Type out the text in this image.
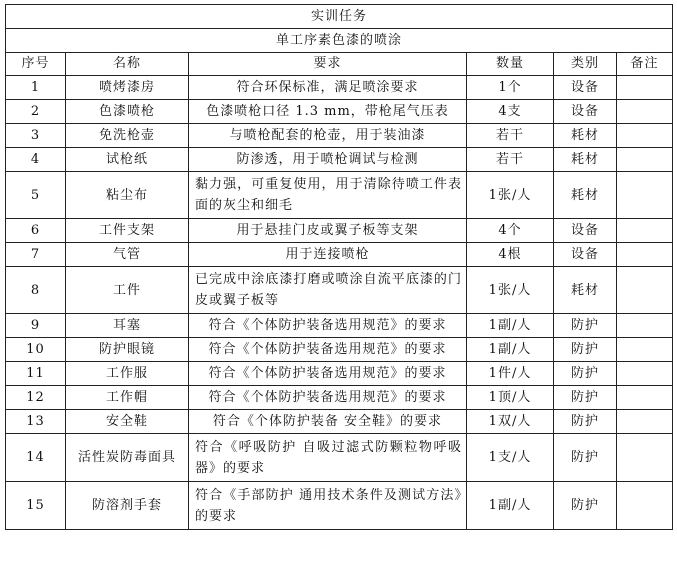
实训任务					
单工序素色漆的喷涂					
序号	名称	要求	数量	类别	备注
1	喷烤漆房	符合环保标准，满足喷涂要求	1个	设备	
2	色漆喷枪	色漆喷枪口径 1.3 mm，带枪尾气压表	4支	设备	
3	免洗枪壶	与喷枪配套的枪壶，用于装油漆	若干	耗材	
4	试枪纸	防渗透，用于喷枪调试与检测	若干	耗材	
5	粘尘布	黏力强，可重复使用，用于清除待喷工件表面的灰尘和细毛	1张/人	耗材	
6	工件支架	用于悬挂门皮或翼子板等支架	4个	设备	
7	气管	用于连接喷枪	4根	设备	
8	工件	已完成中涂底漆打磨或喷涂自流平底漆的门皮或翼子板等	1张/人	耗材	
9	耳塞	符合《个体防护装备选用规范》的要求	1副/人	防护	
10	防护眼镜	符合《个体防护装备选用规范》的要求	1副/人	防护	
11	工作服	符合《个体防护装备选用规范》的要求	1件/人	防护	
12	工作帽	符合《个体防护装备选用规范》的要求	1顶/人	防护	
13	安全鞋	符合《个体防护装备 安全鞋》的要求	1双/人	防护	
14	活性炭防毒面具	符合《呼吸防护 自吸过滤式防颗粒物呼吸器》的要求	1支/人	防护	
15	防溶剂手套	符合《手部防护 通用技术条件及测试方法》的要求	1副/人	防护	
